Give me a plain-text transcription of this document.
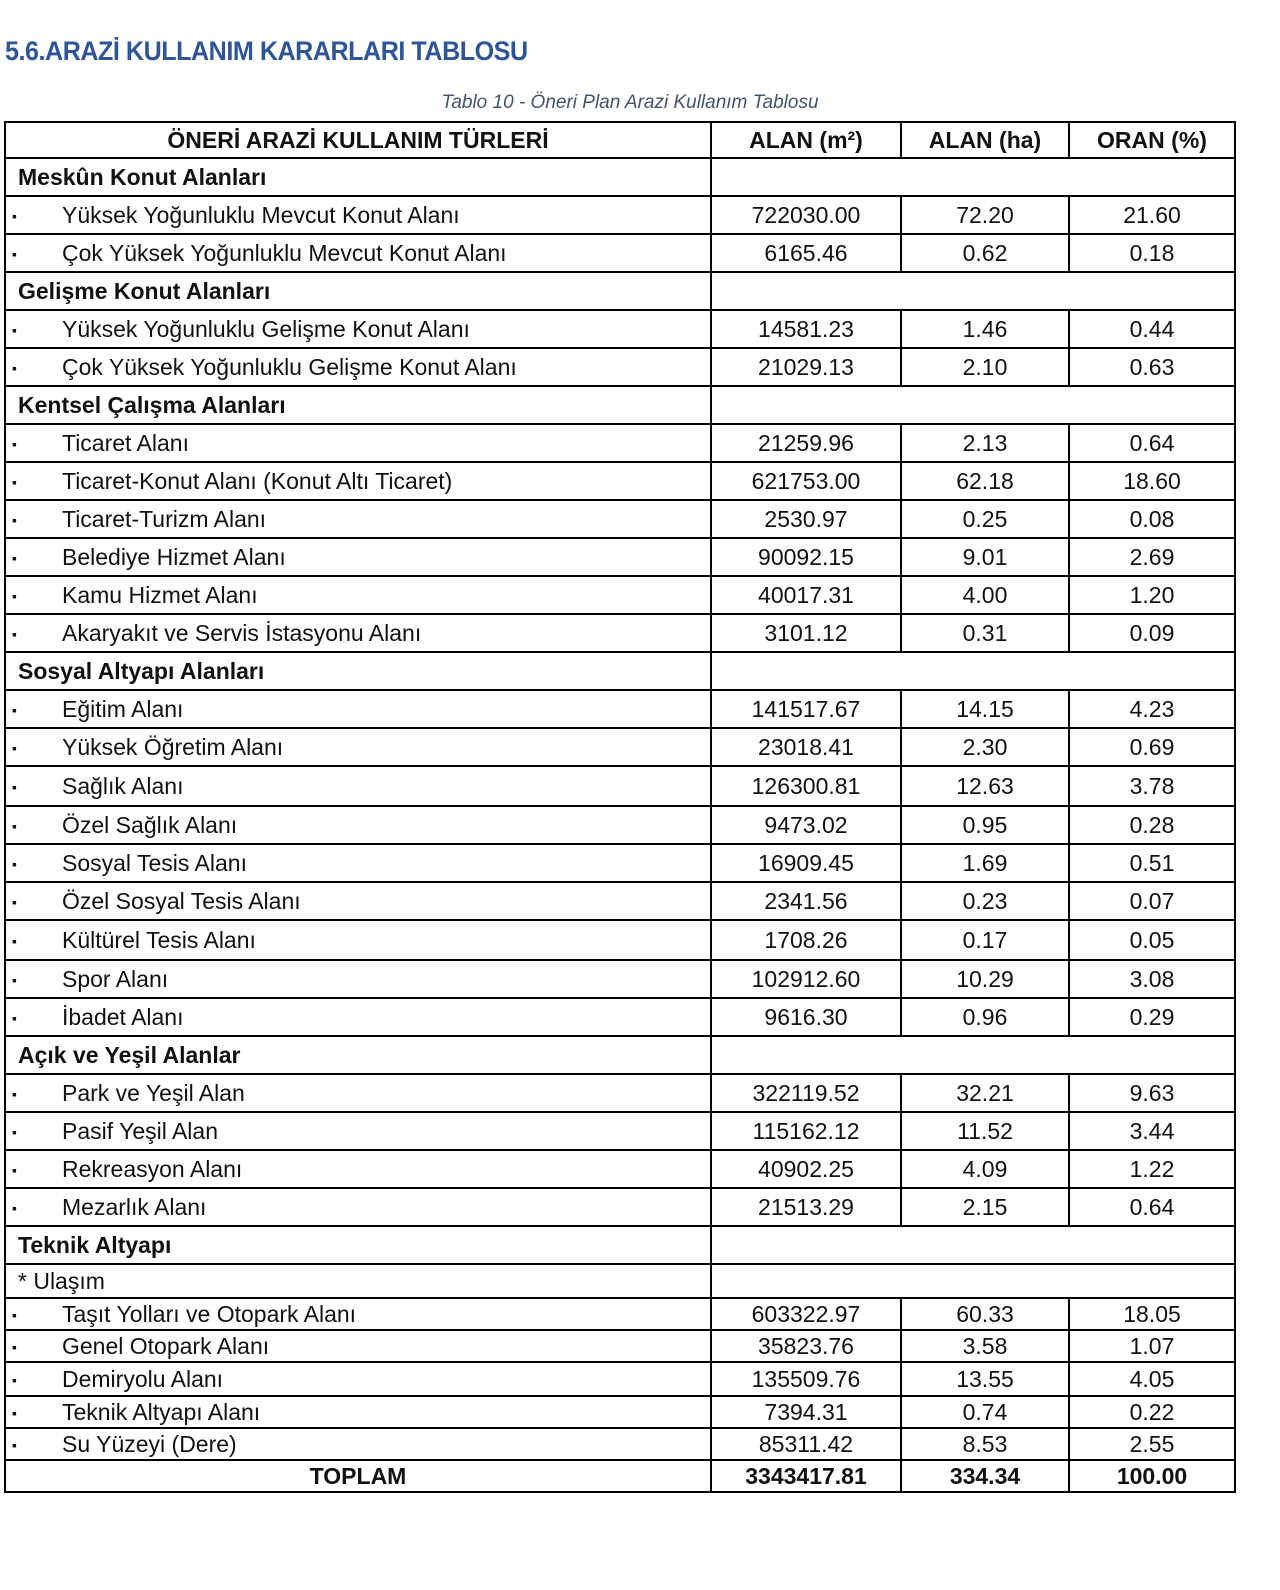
5.6.ARAZİ KULLANIM KARARLARI TABLOSU
Tablo 10 - Öneri Plan Arazi Kullanım Tablosu
ÖNERİ ARAZİ KULLANIM TÜRLERİ	ALAN (m²)	ALAN (ha)	ORAN (%)
Meskûn Konut Alanları			
▪ Yüksek Yoğunluklu Mevcut Konut Alanı	722030.00	72.20	21.60
▪ Çok Yüksek Yoğunluklu Mevcut Konut Alanı	6165.46	0.62	0.18
Gelişme Konut Alanları			
▪ Yüksek Yoğunluklu Gelişme Konut Alanı	14581.23	1.46	0.44
▪ Çok Yüksek Yoğunluklu Gelişme Konut Alanı	21029.13	2.10	0.63
Kentsel Çalışma Alanları			
▪ Ticaret Alanı	21259.96	2.13	0.64
▪ Ticaret-Konut Alanı (Konut Altı Ticaret)	621753.00	62.18	18.60
▪ Ticaret-Turizm Alanı	2530.97	0.25	0.08
▪ Belediye Hizmet Alanı	90092.15	9.01	2.69
▪ Kamu Hizmet Alanı	40017.31	4.00	1.20
▪ Akaryakıt ve Servis İstasyonu Alanı	3101.12	0.31	0.09
Sosyal Altyapı Alanları			
▪ Eğitim Alanı	141517.67	14.15	4.23
▪ Yüksek Öğretim Alanı	23018.41	2.30	0.69
▪ Sağlık Alanı	126300.81	12.63	3.78
▪ Özel Sağlık Alanı	9473.02	0.95	0.28
▪ Sosyal Tesis Alanı	16909.45	1.69	0.51
▪ Özel Sosyal Tesis Alanı	2341.56	0.23	0.07
▪ Kültürel Tesis Alanı	1708.26	0.17	0.05
▪ Spor Alanı	102912.60	10.29	3.08
▪ İbadet Alanı	9616.30	0.96	0.29
Açık ve Yeşil Alanlar			
▪ Park ve Yeşil Alan	322119.52	32.21	9.63
▪ Pasif Yeşil Alan	115162.12	11.52	3.44
▪ Rekreasyon Alanı	40902.25	4.09	1.22
▪ Mezarlık Alanı	21513.29	2.15	0.64
Teknik Altyapı			
* Ulaşım			
▪ Taşıt Yolları ve Otopark Alanı	603322.97	60.33	18.05
▪ Genel Otopark Alanı	35823.76	3.58	1.07
▪ Demiryolu Alanı	135509.76	13.55	4.05
▪ Teknik Altyapı Alanı	7394.31	0.74	0.22
▪ Su Yüzeyi (Dere)	85311.42	8.53	2.55
TOPLAM	3343417.81	334.34	100.00
